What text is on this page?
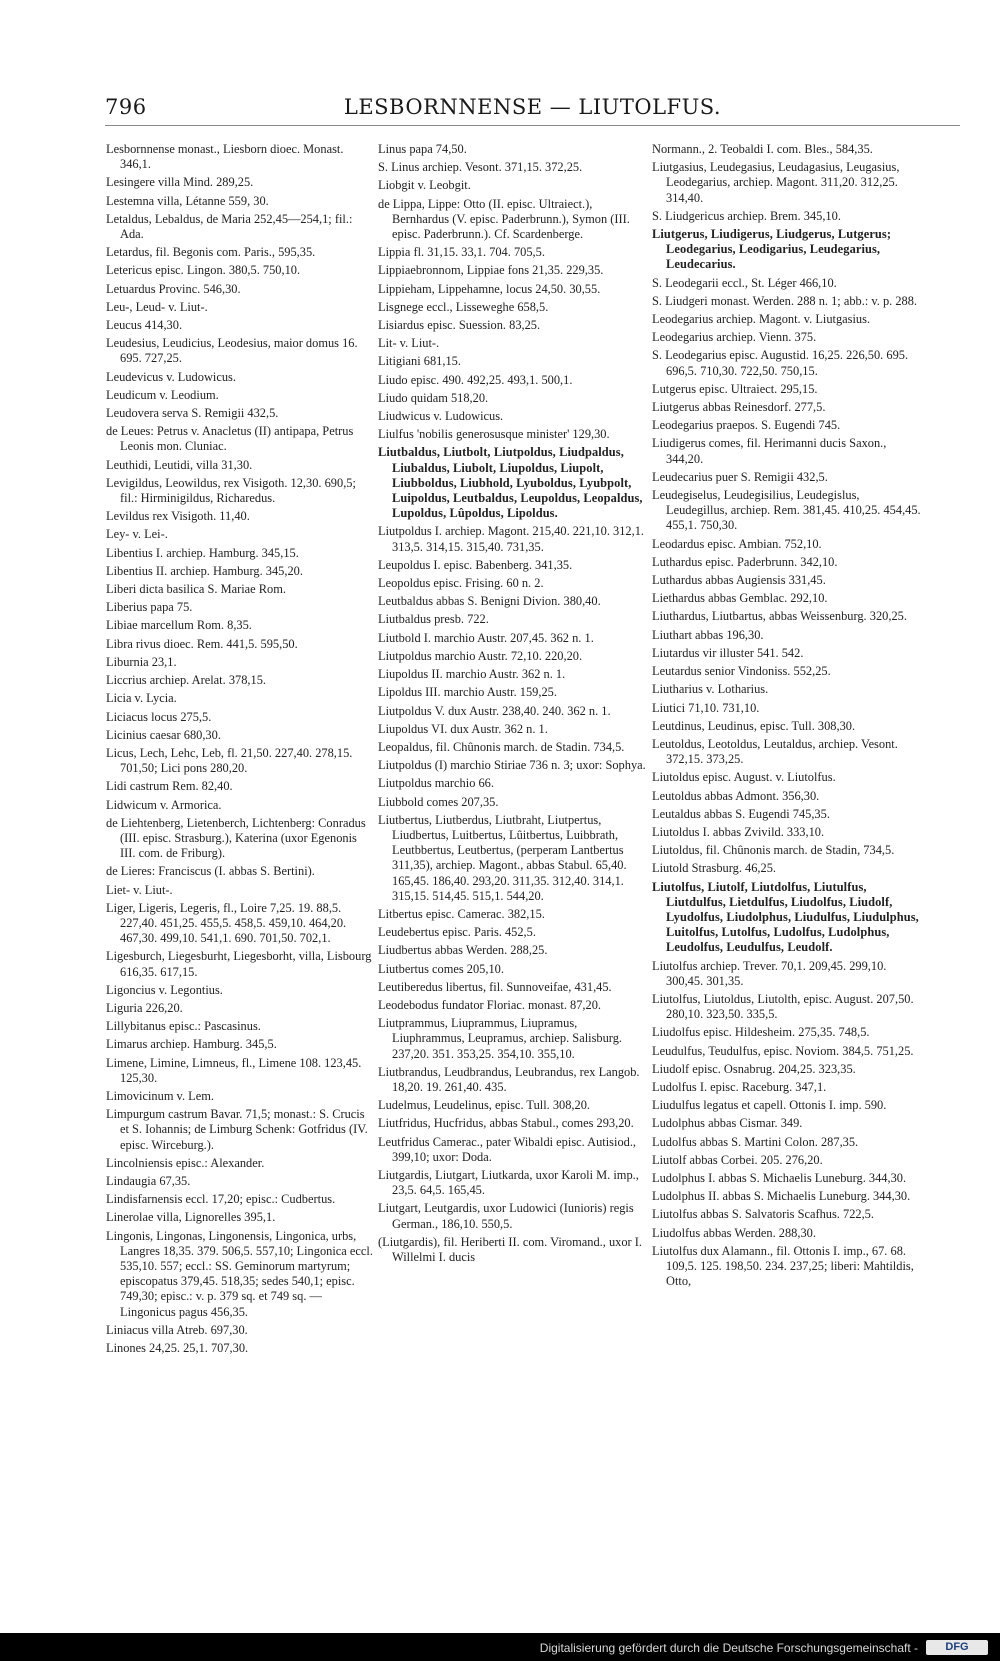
796	LESBORNNENSE — LIUTOLFUS.
Lesbornnense monast., Liesborn dioec. Monast. 346,1.
Lesingere villa Mind. 289,25.
Lestemna villa, Létanne 559, 30.
Letaldus, Lebaldus, de Maria 252,45—254,1; fil.: Ada.
Letardus, fil. Begonis com. Paris., 595,35.
Letericus episc. Lingon. 380,5. 750,10.
Letuardus Provinc. 546,30.
Leu-, Leud- v. Liut-.
Leucus 414,30.
Leudesius, Leudicius, Leodesius, maior domus 16. 695. 727,25.
Leudevicus v. Ludowicus.
Leudicum v. Leodium.
Leudovera serva S. Remigii 432,5.
de Leues: Petrus v. Anacletus (II) antipapa, Petrus Leonis mon. Cluniac.
Leuthidi, Leutidi, villa 31,30.
Levigildus, Leowildus, rex Visigoth. 12,30. 690,5; fil.: Hirminigildus, Richaredus.
Levildus rex Visigoth. 11,40.
Ley- v. Lei-.
Libentius I. archiep. Hamburg. 345,15.
Libentius II. archiep. Hamburg. 345,20.
Liberi dicta basilica S. Mariae Rom.
Liberius papa 75.
Libiae marcellum Rom. 8,35.
Libra rivus dioec. Rem. 441,5. 595,50.
Liburnia 23,1.
Liccrius archiep. Arelat. 378,15.
Licia v. Lycia.
Liciacus locus 275,5.
Licinius caesar 680,30.
Licus, Lech, Lehc, Leb, fl. 21,50. 227,40. 278,15. 701,50; Lici pons 280,20.
Lidi castrum Rem. 82,40.
Lidwicum v. Armorica.
de Liehtenberg, Lietenberch, Lichtenberg: Conradus (III. episc. Strasburg.), Katerina (uxor Egenonis III. com. de Friburg).
de Lieres: Franciscus (I. abbas S. Bertini).
Liet- v. Liut-.
Liger, Ligeris, Legeris, fl., Loire 7,25. 19. 88,5. 227,40. 451,25. 455,5. 458,5. 459,10. 464,20. 467,30. 499,10. 541,1. 690. 701,50. 702,1.
Ligesburch, Liegesburht, Liegesborht, villa, Lisbourg 616,35. 617,15.
Ligoncius v. Legontius.
Liguria 226,20.
Lillybitanus episc.: Pascasinus.
Limarus archiep. Hamburg. 345,5.
Limene, Limine, Limneus, fl., Limene 108. 123,45. 125,30.
Limovicinum v. Lem.
Limpurgum castrum Bavar. 71,5; monast.: S. Crucis et S. Iohannis; de Limburg Schenk: Gotfridus (IV. episc. Wirceburg.).
Lincolniensis episc.: Alexander.
Lindaugia 67,35.
Lindisfarnensis eccl. 17,20; episc.: Cudbertus.
Linerolae villa, Lignorelles 395,1.
Lingonis, Lingonas, Lingonensis, Lingonica, urbs, Langres 18,35. 379. 506,5. 557,10; Lingonica eccl. 535,10. 557; eccl.: SS. Geminorum martyrum; episcopatus 379,45. 518,35; sedes 540,1; episc. 749,30; episc.: v. p. 379 sq. et 749 sq. — Lingonicus pagus 456,35.
Liniacus villa Atreb. 697,30.
Linones 24,25. 25,1. 707,30.
Linus papa 74,50.
S. Linus archiep. Vesont. 371,15. 372,25.
Liobgit v. Leobgit.
de Lippa, Lippe: Otto (II. episc. Ultraiect.), Bernhardus (V. episc. Paderbrunn.), Symon (III. episc. Paderbrunn.). Cf. Scardenberge.
Lippia fl. 31,15. 33,1. 704. 705,5.
Lippiaebronnom, Lippiae fons 21,35. 229,35.
Lippieham, Lippehamne, locus 24,50. 30,55.
Lisgnege eccl., Lisseweghe 658,5.
Lisiardus episc. Suession. 83,25.
Lit- v. Liut-.
Litigiani 681,15.
Liudo episc. 490. 492,25. 493,1. 500,1.
Liudo quidam 518,20.
Liudwicus v. Ludowicus.
Liulfus 'nobilis generosusque minister' 129,30.
Liutbaldus, Liutbolt, Liutpoldus, Liudpaldus, Liubaldus, Liubolt, Liupoldus, Liupolt, Liubboldus, Liubhold, Lyuboldus, Lyubpolt, Luipoldus, Leutbaldus, Leupoldus, Leopaldus, Lupoldus, Lûpoldus, Lipoldus.
Liutpoldus I. archiep. Magont. 215,40. 221,10. 312,1. 313,5. 314,15. 315,40. 731,35.
Leupoldus I. episc. Babenberg. 341,35.
Leopoldus episc. Frising. 60 n. 2.
Leutbaldus abbas S. Benigni Divion. 380,40.
Liutbaldus presb. 722.
Liutbold I. marchio Austr. 207,45. 362 n. 1.
Liutpoldus marchio Austr. 72,10. 220,20.
Liupoldus II. marchio Austr. 362 n. 1.
Lipoldus III. marchio Austr. 159,25.
Liutpoldus V. dux Austr. 238,40. 240. 362 n. 1.
Liupoldus VI. dux Austr. 362 n. 1.
Leopaldus, fil. Chûnonis march. de Stadin. 734,5.
Liutpoldus (I) marchio Stiriae 736 n. 3; uxor: Sophya.
Liutpoldus marchio 66.
Liubbold comes 207,35.
Liutbertus, Liutberdus, Liutbraht, Liutpertus, Liudbertus, Luitbertus, Lûitbertus, Luibbrath, Leutbbertus, Leutbertus, (perperam Lantbertus 311,35), archiep. Magont., abbas Stabul. 65,40. 165,45. 186,40. 293,20. 311,35. 312,40. 314,1. 315,15. 514,45. 515,1. 544,20.
Litbertus episc. Camerac. 382,15.
Leudebertus episc. Paris. 452,5.
Liudbertus abbas Werden. 288,25.
Liutbertus comes 205,10.
Leutiberedus libertus, fil. Sunnoveifae, 431,45.
Leodebodus fundator Floriac. monast. 87,20.
Liutprammus, Liuprammus, Liupramus, Liuphrammus, Leupramus, archiep. Salisburg. 237,20. 351. 353,25. 354,10. 355,10.
Liutbrandus, Leudbrandus, Leubrandus, rex Langob. 18,20. 19. 261,40. 435.
Ludelmus, Leudelinus, episc. Tull. 308,20.
Liutfridus, Hucfridus, abbas Stabul., comes 293,20.
Leutfridus Camerac., pater Wibaldi episc. Autisiod., 399,10; uxor: Doda.
Liutgardis, Liutgart, Liutkarda, uxor Karoli M. imp., 23,5. 64,5. 165,45.
Liutgart, Leutgardis, uxor Ludowici (Iunioris) regis German., 186,10. 550,5.
(Liutgardis), fil. Heriberti II. com. Viromand., uxor I. Willelmi I. ducis
Normann., 2. Teobaldi I. com. Bles., 584,35.
Liutgasius, Leudegasius, Leudagasius, Leugasius, Leodegarius, archiep. Magont. 311,20. 312,25. 314,40.
S. Liudgericus archiep. Brem. 345,10.
Liutgerus, Liudigerus, Liudgerus, Lutgerus; Leodegarius, Leodigarius, Leudegarius, Leudecarius.
S. Leodegarii eccl., St. Léger 466,10.
S. Liudgeri monast. Werden. 288 n. 1; abb.: v. p. 288.
Leodegarius archiep. Magont. v. Liutgasius.
Leodegarius archiep. Vienn. 375.
S. Leodegarius episc. Augustid. 16,25. 226,50. 695. 696,5. 710,30. 722,50. 750,15.
Lutgerus episc. Ultraiect. 295,15.
Liutgerus abbas Reinesdorf. 277,5.
Leodegarius praepos. S. Eugendi 745.
Liudigerus comes, fil. Herimanni ducis Saxon., 344,20.
Leudecarius puer S. Remigii 432,5.
Leudegiselus, Leudegisilius, Leudegislus, Leudegillus, archiep. Rem. 381,45. 410,25. 454,45. 455,1. 750,30.
Leodardus episc. Ambian. 752,10.
Luthardus episc. Paderbrunn. 342,10.
Luthardus abbas Augiensis 331,45.
Liethardus abbas Gemblac. 292,10.
Liuthardus, Liutbartus, abbas Weissenburg. 320,25.
Liuthart abbas 196,30.
Liutardus vir illuster 541. 542.
Leutardus senior Vindoniss. 552,25.
Liutharius v. Lotharius.
Liutici 71,10. 731,10.
Leutdinus, Leudinus, episc. Tull. 308,30.
Leutoldus, Leotoldus, Leutaldus, archiep. Vesont. 372,15. 373,25.
Liutoldus episc. August. v. Liutolfus.
Leutoldus abbas Admont. 356,30.
Leutaldus abbas S. Eugendi 745,35.
Liutoldus I. abbas Zvivild. 333,10.
Liutoldus, fil. Chûnonis march. de Stadin, 734,5.
Liutold Strasburg. 46,25.
Liutolfus, Liutolf, Liutdolfus, Liutulfus, Liutdulfus, Lietdulfus, Liudolfus, Liudolf, Lyudolfus, Liudolphus, Liudulfus, Liudulphus, Luitolfus, Lutolfus, Ludolfus, Ludolphus, Leudolfus, Leudulfus, Leudolf.
Liutolfus archiep. Trever. 70,1. 209,45. 299,10. 300,45. 301,35.
Liutolfus, Liutoldus, Liutolth, episc. August. 207,50. 280,10. 323,50. 335,5.
Liudolfus episc. Hildesheim. 275,35. 748,5.
Leudulfus, Teudulfus, episc. Noviom. 384,5. 751,25.
Liudolf episc. Osnabrug. 204,25. 323,35.
Ludolfus I. episc. Raceburg. 347,1.
Liudulfus legatus et capell. Ottonis I. imp. 590.
Ludolphus abbas Cismar. 349.
Ludolfus abbas S. Martini Colon. 287,35.
Liutolf abbas Corbei. 205. 276,20.
Ludolphus I. abbas S. Michaelis Luneburg. 344,30.
Ludolphus II. abbas S. Michaelis Luneburg. 344,30.
Liutolfus abbas S. Salvatoris Scafhus. 722,5.
Liudolfus abbas Werden. 288,30.
Liutolfus dux Alamann., fil. Ottonis I. imp., 67. 68. 109,5. 125. 198,50. 234. 237,25; liberi: Mahtildis, Otto,
Digitalisierung gefördert durch die Deutsche Forschungsgemeinschaft -	DFG
